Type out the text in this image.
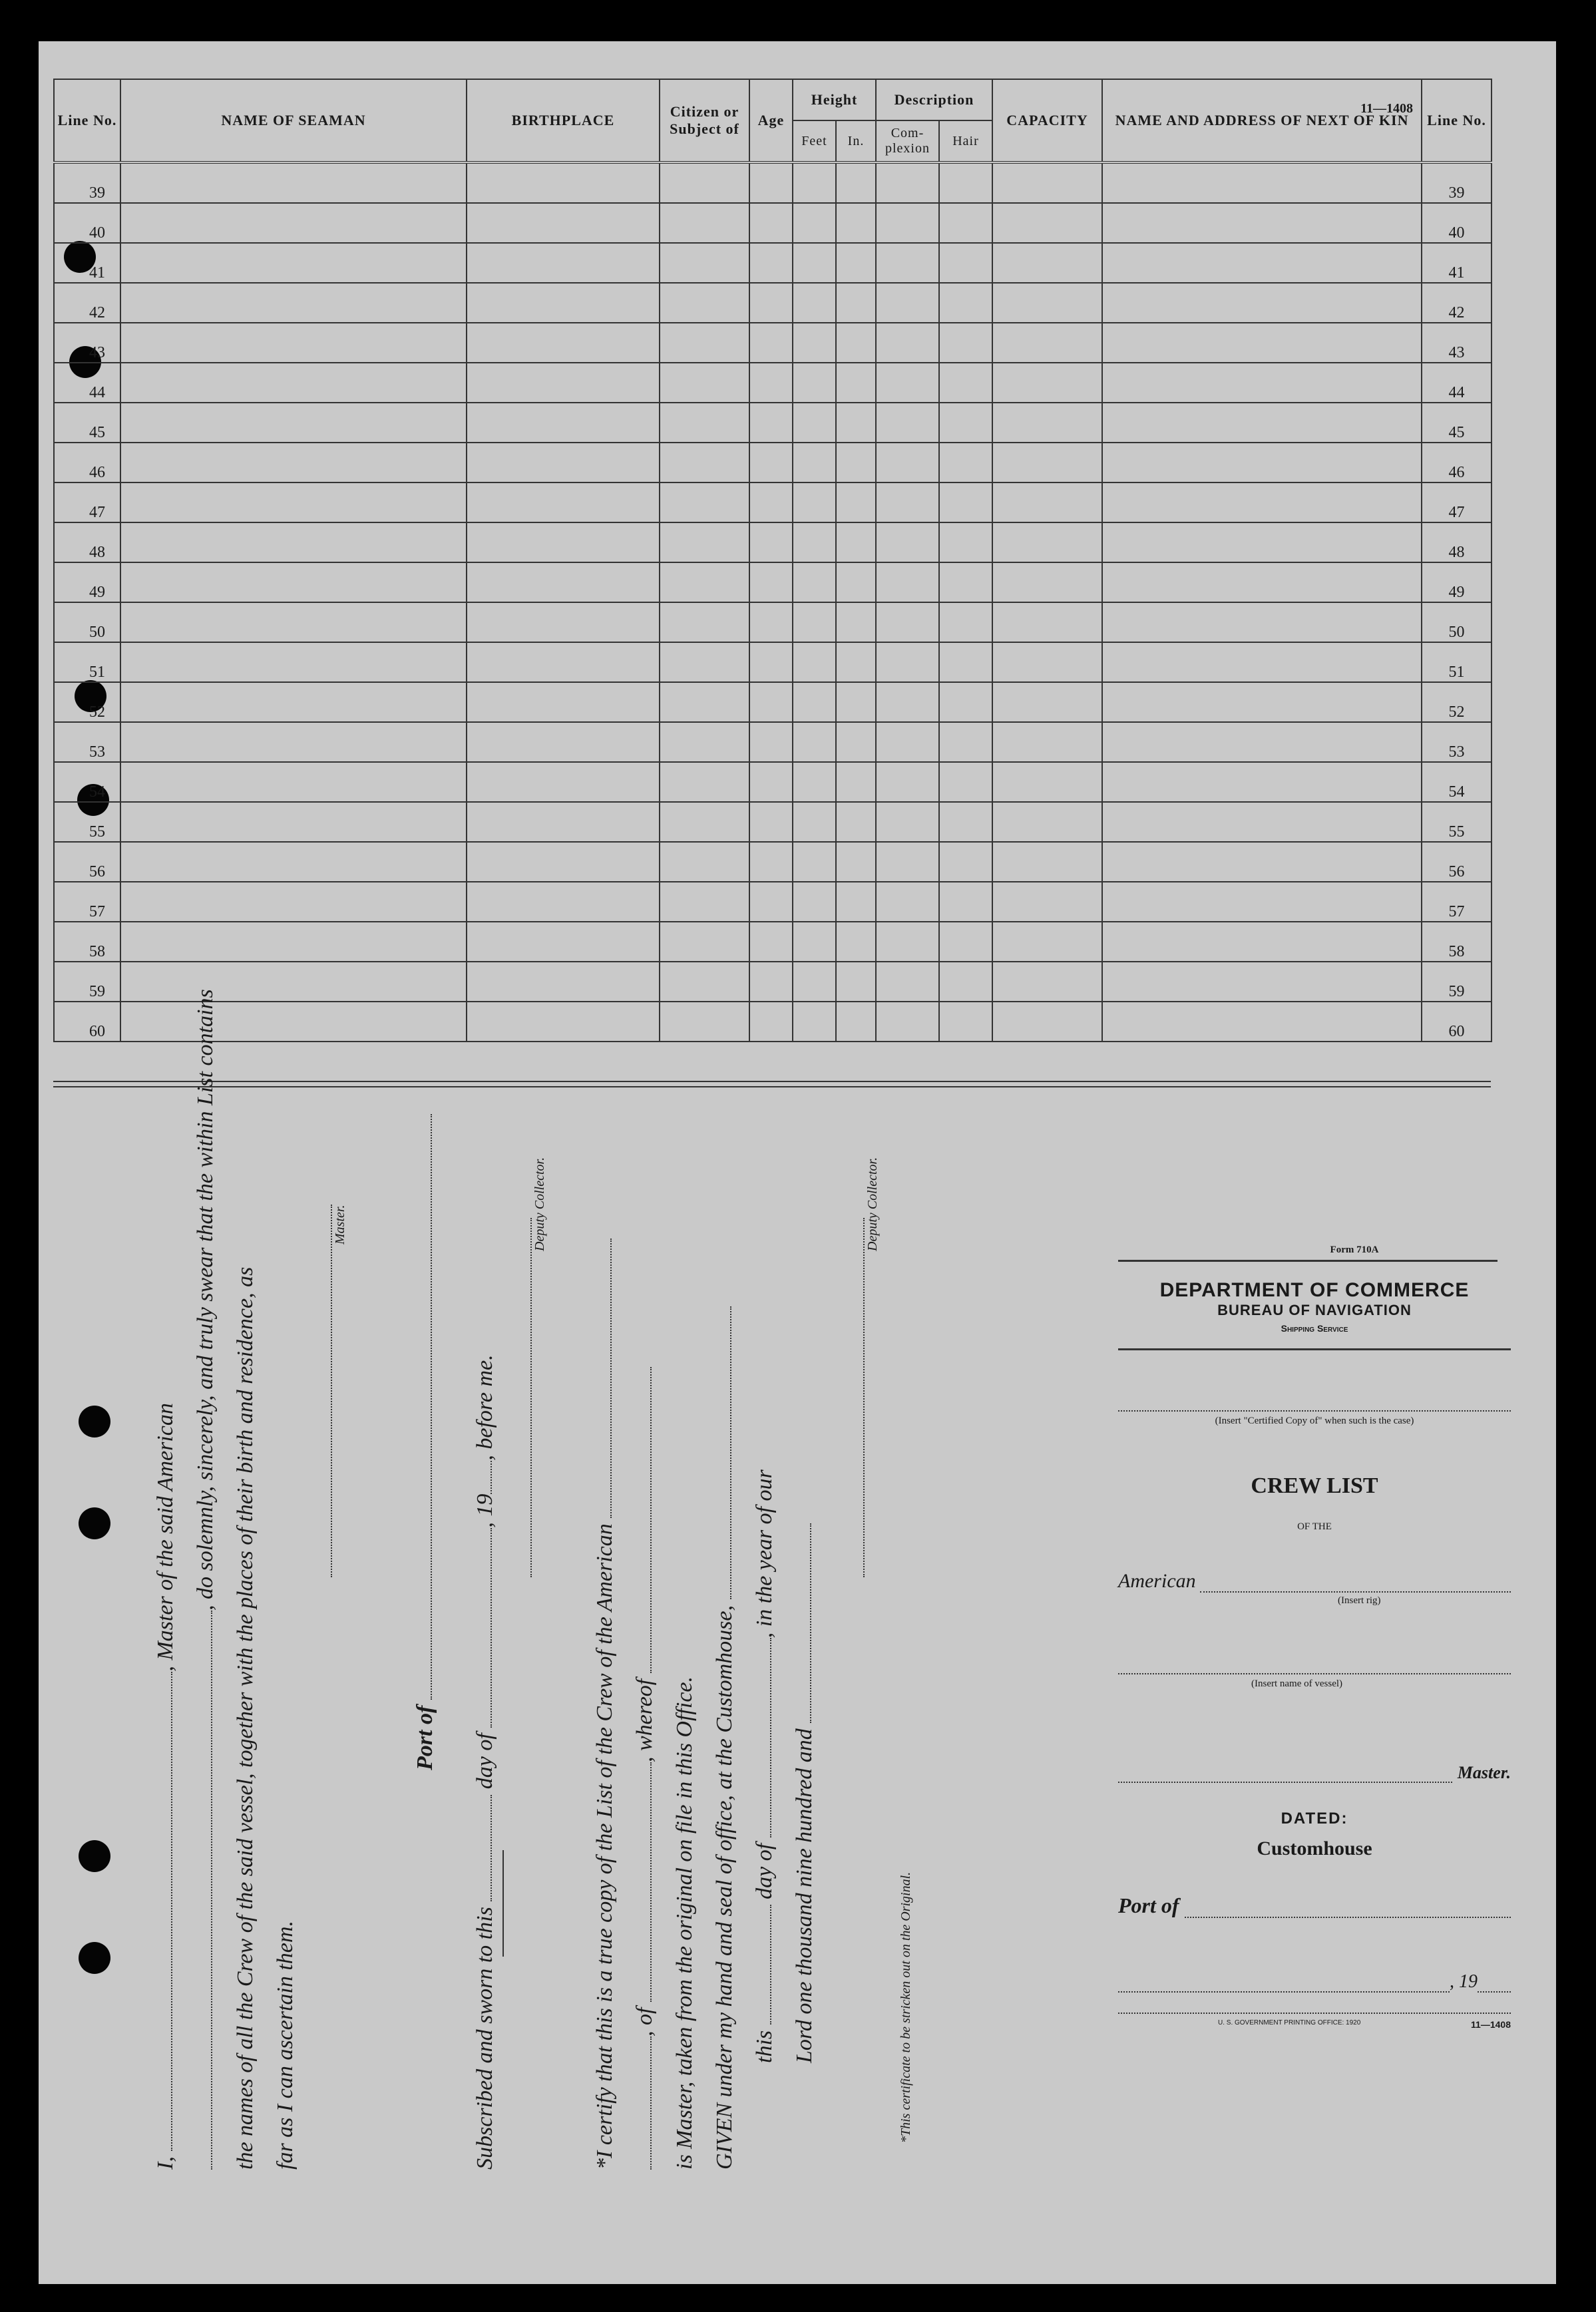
11—1408
Line No.	NAME OF SEAMAN	BIRTHPLACE	Citizen or Subject of	Age	Height		Description		CAPACITY	NAME AND ADDRESS OF NEXT OF KIN	Line No.
					Feet	In.	Com- plexion	Hair			
39											39
40											40
41											41
42											42
43											43
44											44
45											45
46											46
47											47
48											48
49											49
50											50
51											51
52											52
53											53
54											54
55											55
56											56
57											57
58											58
59											59
60											60
I, , Master of the said American , do solemnly, sincerely, and truly swear that the within List contains the names of all the Crew of the said vessel, together with the places of their birth and residence, as far as I can ascertain them.
Master.
Port of
Subscribed and sworn to this  day of , 19, before me.
Deputy Collector.
*I certify that this is a true copy of the List of the Crew of the American , of , whereof is Master, taken from the original on file in this Office. GIVEN under my hand and seal of office, at the Customhouse, this  day of , in the year of our
Lord one thousand nine hundred and
Deputy Collector.
*This certificate to be stricken out on the Original.
Form 710A
DEPARTMENT OF COMMERCE
BUREAU OF NAVIGATION
Shipping Service
(Insert "Certified Copy of" when such is the case)
CREW LIST
OF THE
American
(Insert rig)
(Insert name of vessel)
Master.
DATED:
Customhouse
Port of
, 19
U. S. GOVERNMENT PRINTING OFFICE: 1920	11—1408
